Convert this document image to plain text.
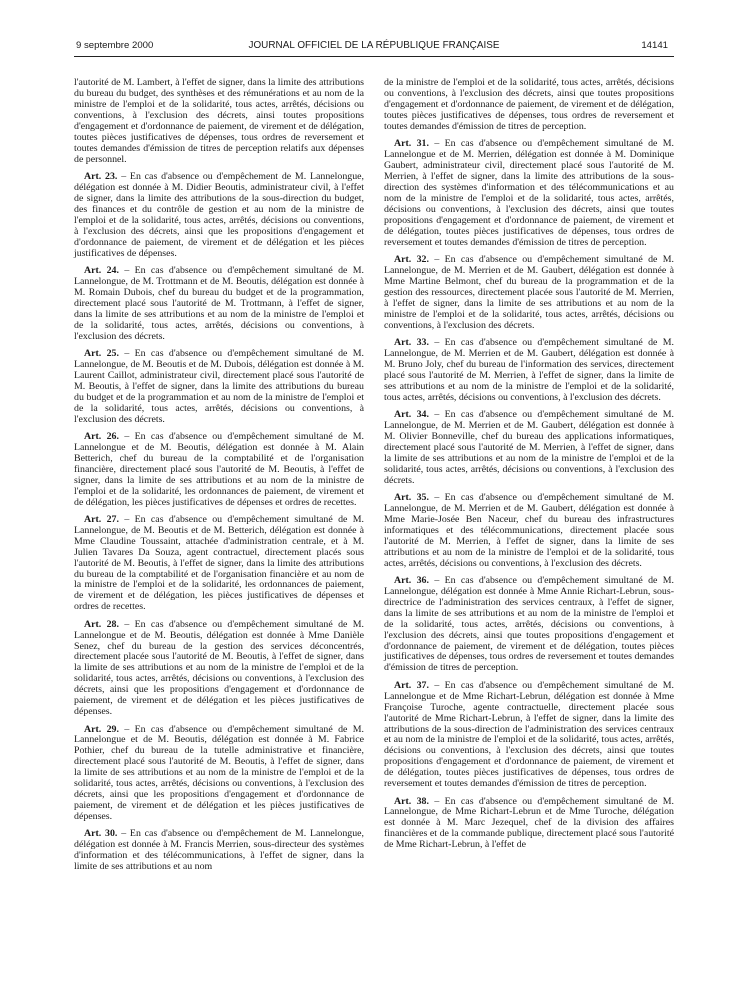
9 septembre 2000	JOURNAL OFFICIEL DE LA RÉPUBLIQUE FRANÇAISE	14141

l'autorité de M. Lambert, à l'effet de signer, dans la limite des attributions du bureau du budget, des synthèses et des rémunérations et au nom de la ministre de l'emploi et de la solidarité, tous actes, arrêtés, décisions ou conventions, à l'exclusion des décrets, ainsi toutes propositions d'engagement et d'ordonnance de paiement, de virement et de délégation, toutes pièces justificatives de dépenses, tous ordres de reversement et toutes demandes d'émission de titres de perception relatifs aux dépenses de personnel.

Art. 23. – En cas d'absence ou d'empêchement de M. Lannelongue, délégation est donnée à M. Didier Beoutis, administrateur civil, à l'effet de signer, dans la limite des attributions de la sous-direction du budget, des finances et du contrôle de gestion et au nom de la ministre de l'emploi et de la solidarité, tous actes, arrêtés, décisions ou conventions, à l'exclusion des décrets, ainsi que les propositions d'engagement et d'ordonnance de paiement, de virement et de délégation et les pièces justificatives de dépenses.

Art. 24. – En cas d'absence ou d'empêchement simultané de M. Lannelongue, de M. Trottmann et de M. Beoutis, délégation est donnée à M. Romain Dubois, chef du bureau du budget et de la programmation, directement placé sous l'autorité de M. Trottmann, à l'effet de signer, dans la limite de ses attributions et au nom de la ministre de l'emploi et de la solidarité, tous actes, arrêtés, décisions ou conventions, à l'exclusion des décrets.

Art. 25. – En cas d'absence ou d'empêchement simultané de M. Lannelongue, de M. Beoutis et de M. Dubois, délégation est donnée à M. Laurent Caillot, administrateur civil, directement placé sous l'autorité de M. Beoutis, à l'effet de signer, dans la limite des attributions du bureau du budget et de la programmation et au nom de la ministre de l'emploi et de la solidarité, tous actes, arrêtés, décisions ou conventions, à l'exclusion des décrets.

Art. 26. – En cas d'absence ou d'empêchement simultané de M. Lannelongue et de M. Beoutis, délégation est donnée à M. Alain Betterich, chef du bureau de la comptabilité et de l'organisation financière, directement placé sous l'autorité de M. Beoutis, à l'effet de signer, dans la limite de ses attributions et au nom de la ministre de l'emploi et de la solidarité, les ordonnances de paiement, de virement et de délégation, les pièces justificatives de dépenses et ordres de recettes.

Art. 27. – En cas d'absence ou d'empêchement simultané de M. Lannelongue, de M. Beoutis et de M. Betterich, délégation est donnée à Mme Claudine Toussaint, attachée d'administration centrale, et à M. Julien Tavares Da Souza, agent contractuel, directement placés sous l'autorité de M. Beoutis, à l'effet de signer, dans la limite des attributions du bureau de la comptabilité et de l'organisation financière et au nom de la ministre de l'emploi et de la solidarité, les ordonnances de paiement, de virement et de délégation, les pièces justificatives de dépenses et ordres de recettes.

Art. 28. – En cas d'absence ou d'empêchement simultané de M. Lannelongue et de M. Beoutis, délégation est donnée à Mme Danièle Senez, chef du bureau de la gestion des services déconcentrés, directement placée sous l'autorité de M. Beoutis, à l'effet de signer, dans la limite de ses attributions et au nom de la ministre de l'emploi et de la solidarité, tous actes, arrêtés, décisions ou conventions, à l'exclusion des décrets, ainsi que les propositions d'engagement et d'ordonnance de paiement, de virement et de délégation et les pièces justificatives de dépenses.

Art. 29. – En cas d'absence ou d'empêchement simultané de M. Lannelongue et de M. Beoutis, délégation est donnée à M. Fabrice Pothier, chef du bureau de la tutelle administrative et financière, directement placé sous l'autorité de M. Beoutis, à l'effet de signer, dans la limite de ses attributions et au nom de la ministre de l'emploi et de la solidarité, tous actes, arrêtés, décisions ou conventions, à l'exclusion des décrets, ainsi que les propositions d'engagement et d'ordonnance de paiement, de virement et de délégation et les pièces justificatives de dépenses.

Art. 30. – En cas d'absence ou d'empêchement de M. Lannelongue, délégation est donnée à M. Francis Merrien, sous-directeur des systèmes d'information et des télécommunications, à l'effet de signer, dans la limite de ses attributions et au nom

de la ministre de l'emploi et de la solidarité, tous actes, arrêtés, décisions ou conventions, à l'exclusion des décrets, ainsi que toutes propositions d'engagement et d'ordonnance de paiement, de virement et de délégation, toutes pièces justificatives de dépenses, tous ordres de reversement et toutes demandes d'émission de titres de perception.

Art. 31. – En cas d'absence ou d'empêchement simultané de M. Lannelongue et de M. Merrien, délégation est donnée à M. Dominique Gaubert, administrateur civil, directement placé sous l'autorité de M. Merrien, à l'effet de signer, dans la limite des attributions de la sous-direction des systèmes d'information et des télécommunications et au nom de la ministre de l'emploi et de la solidarité, tous actes, arrêtés, décisions ou conventions, à l'exclusion des décrets, ainsi que toutes propositions d'engagement et d'ordonnance de paiement, de virement et de délégation, toutes pièces justificatives de dépenses, tous ordres de reversement et toutes demandes d'émission de titres de perception.

Art. 32. – En cas d'absence ou d'empêchement simultané de M. Lannelongue, de M. Merrien et de M. Gaubert, délégation est donnée à Mme Martine Belmont, chef du bureau de la programmation et de la gestion des ressources, directement placée sous l'autorité de M. Merrien, à l'effet de signer, dans la limite de ses attributions et au nom de la ministre de l'emploi et de la solidarité, tous actes, arrêtés, décisions ou conventions, à l'exclusion des décrets.

Art. 33. – En cas d'absence ou d'empêchement simultané de M. Lannelongue, de M. Merrien et de M. Gaubert, délégation est donnée à M. Bruno Joly, chef du bureau de l'information des services, directement placé sous l'autorité de M. Merrien, à l'effet de signer, dans la limite de ses attributions et au nom de la ministre de l'emploi et de la solidarité, tous actes, arrêtés, décisions ou conventions, à l'exclusion des décrets.

Art. 34. – En cas d'absence ou d'empêchement simultané de M. Lannelongue, de M. Merrien et de M. Gaubert, délégation est donnée à M. Olivier Bonneville, chef du bureau des applications informatiques, directement placé sous l'autorité de M. Merrien, à l'effet de signer, dans la limite de ses attributions et au nom de la ministre de l'emploi et de la solidarité, tous actes, arrêtés, décisions ou conventions, à l'exclusion des décrets.

Art. 35. – En cas d'absence ou d'empêchement simultané de M. Lannelongue, de M. Merrien et de M. Gaubert, délégation est donnée à Mme Marie-Josée Ben Naceur, chef du bureau des infrastructures informatiques et des télécommunications, directement placée sous l'autorité de M. Merrien, à l'effet de signer, dans la limite de ses attributions et au nom de la ministre de l'emploi et de la solidarité, tous actes, arrêtés, décisions ou conventions, à l'exclusion des décrets.

Art. 36. – En cas d'absence ou d'empêchement simultané de M. Lannelongue, délégation est donnée à Mme Annie Richart-Lebrun, sous-directrice de l'administration des services centraux, à l'effet de signer, dans la limite de ses attributions et au nom de la ministre de l'emploi et de la solidarité, tous actes, arrêtés, décisions ou conventions, à l'exclusion des décrets, ainsi que toutes propositions d'engagement et d'ordonnance de paiement, de virement et de délégation, toutes pièces justificatives de dépenses, tous ordres de reversement et toutes demandes d'émission de titres de perception.

Art. 37. – En cas d'absence ou d'empêchement simultané de M. Lannelongue et de Mme Richart-Lebrun, délégation est donnée à Mme Françoise Turoche, agente contractuelle, directement placée sous l'autorité de Mme Richart-Lebrun, à l'effet de signer, dans la limite des attributions de la sous-direction de l'administration des services centraux et au nom de la ministre de l'emploi et de la solidarité, tous actes, arrêtés, décisions ou conventions, à l'exclusion des décrets, ainsi que toutes propositions d'engagement et d'ordonnance de paiement, de virement et de délégation, toutes pièces justificatives de dépenses, tous ordres de reversement et toutes demandes d'émission de titres de perception.

Art. 38. – En cas d'absence ou d'empêchement simultané de M. Lannelongue, de Mme Richart-Lebrun et de Mme Turoche, délégation est donnée à M. Marc Jezequel, chef de la division des affaires financières et de la commande publique, directement placé sous l'autorité de Mme Richart-Lebrun, à l'effet de
